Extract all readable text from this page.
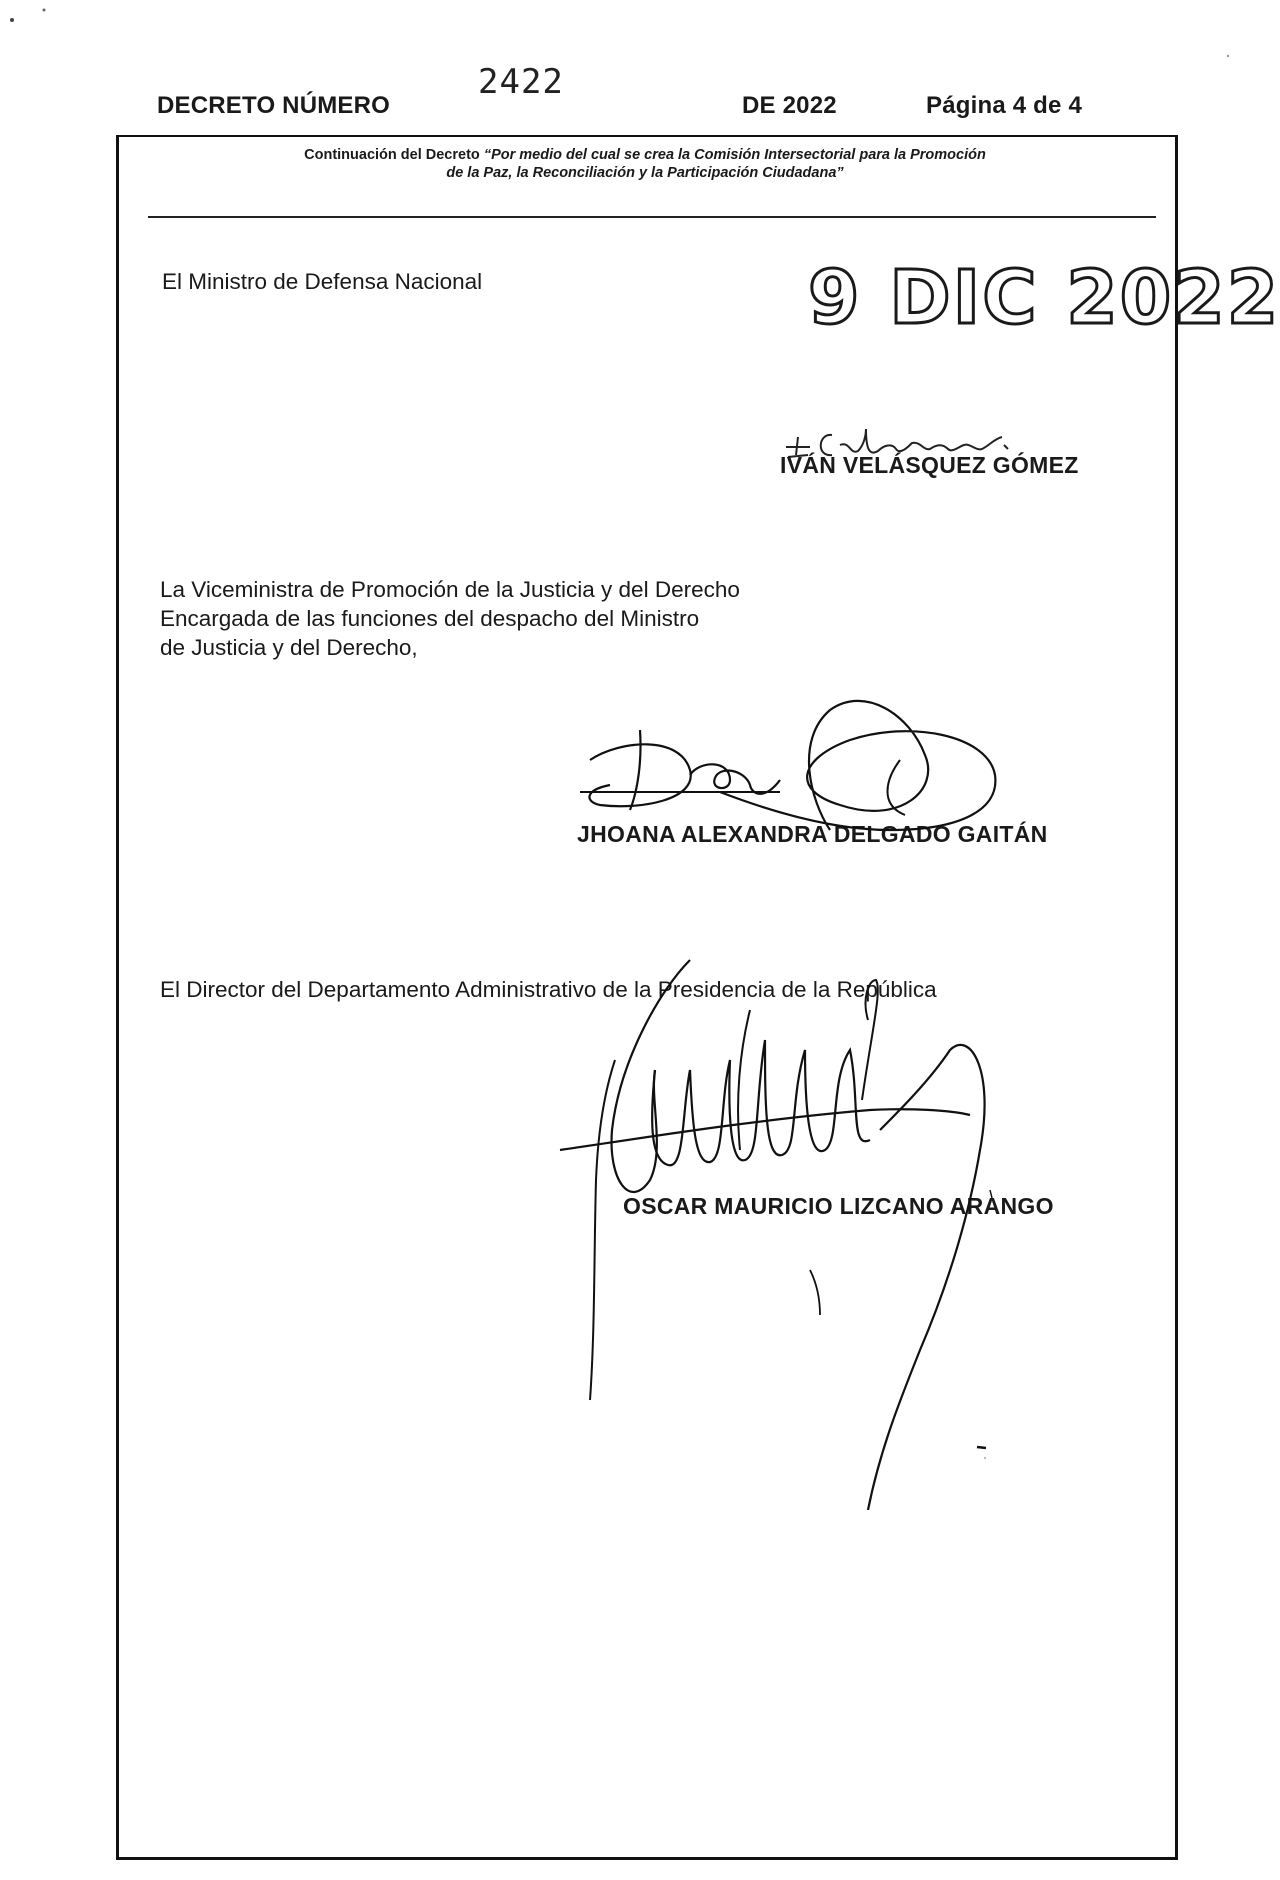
DECRETO NÚMERO
2422
DE 2022	Página 4 de 4
Continuación del Decreto “Por medio del cual se crea la Comisión Intersectorial para la Promoción
de la Paz, la Reconciliación y la Participación Ciudadana”
9 DIC 2022
El Ministro de Defensa Nacional
IVÁN VELÁSQUEZ GÓMEZ
La Viceministra de Promoción de la Justicia y del Derecho
Encargada de las funciones del despacho del Ministro
de Justicia y del Derecho,
JHOANA ALEXANDRA DELGADO GAITÁN
El Director del Departamento Administrativo de la Presidencia de la República
OSCAR MAURICIO LIZCANO ARANGO
